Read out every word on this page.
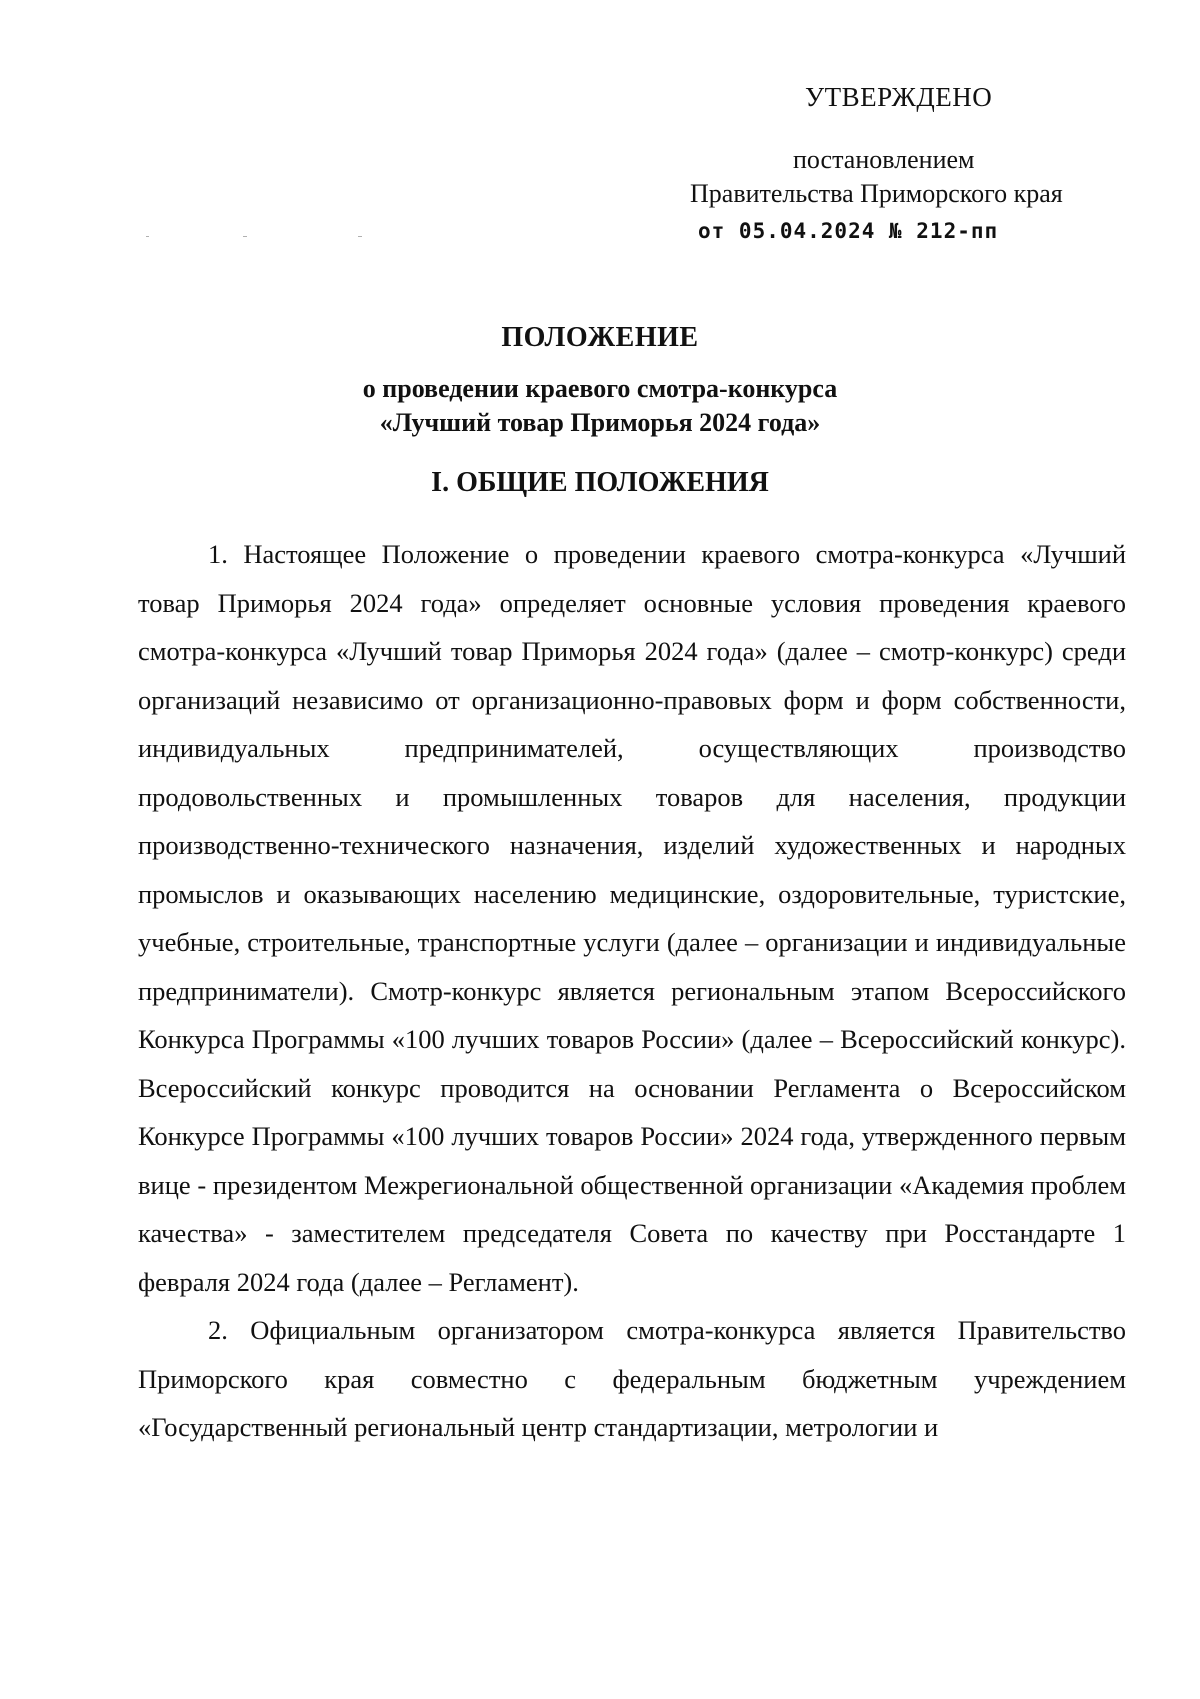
УТВЕРЖДЕНО
постановлением
Правительства Приморского края
от 05.04.2024 № 212-пп
ПОЛОЖЕНИЕ
о проведении краевого смотра-конкурса
«Лучший товар Приморья 2024 года»
I. ОБЩИЕ ПОЛОЖЕНИЯ

1. Настоящее Положение о проведении краевого смотра-конкурса «Лучший товар Приморья 2024 года» определяет основные условия проведения краевого смотра-конкурса «Лучший товар Приморья 2024 года» (далее – смотр-конкурс) среди организаций независимо от организационно-правовых форм и форм собственности, индивидуальных предпринимателей, осуществляющих производство продовольственных и промышленных товаров для населения, продукции производственно-технического назначения, изделий художественных и народных промыслов и оказывающих населению медицинские, оздоровительные, туристские, учебные, строительные, транспортные услуги (далее – организации и индивидуальные предприниматели). Смотр-конкурс является региональным этапом Всероссийского Конкурса Программы «100 лучших товаров России» (далее – Всероссийский конкурс). Всероссийский конкурс проводится на основании Регламента о Всероссийском Конкурсе Программы «100 лучших товаров России» 2024 года, утвержденного первым вице - президентом Межрегиональной общественной организации «Академия проблем качества» - заместителем председателя Совета по качеству при Росстандарте 1 февраля 2024 года (далее – Регламент).

2. Официальным организатором смотра-конкурса является Правительство Приморского края совместно с федеральным бюджетным учреждением «Государственный региональный центр стандартизации, метрологии и
